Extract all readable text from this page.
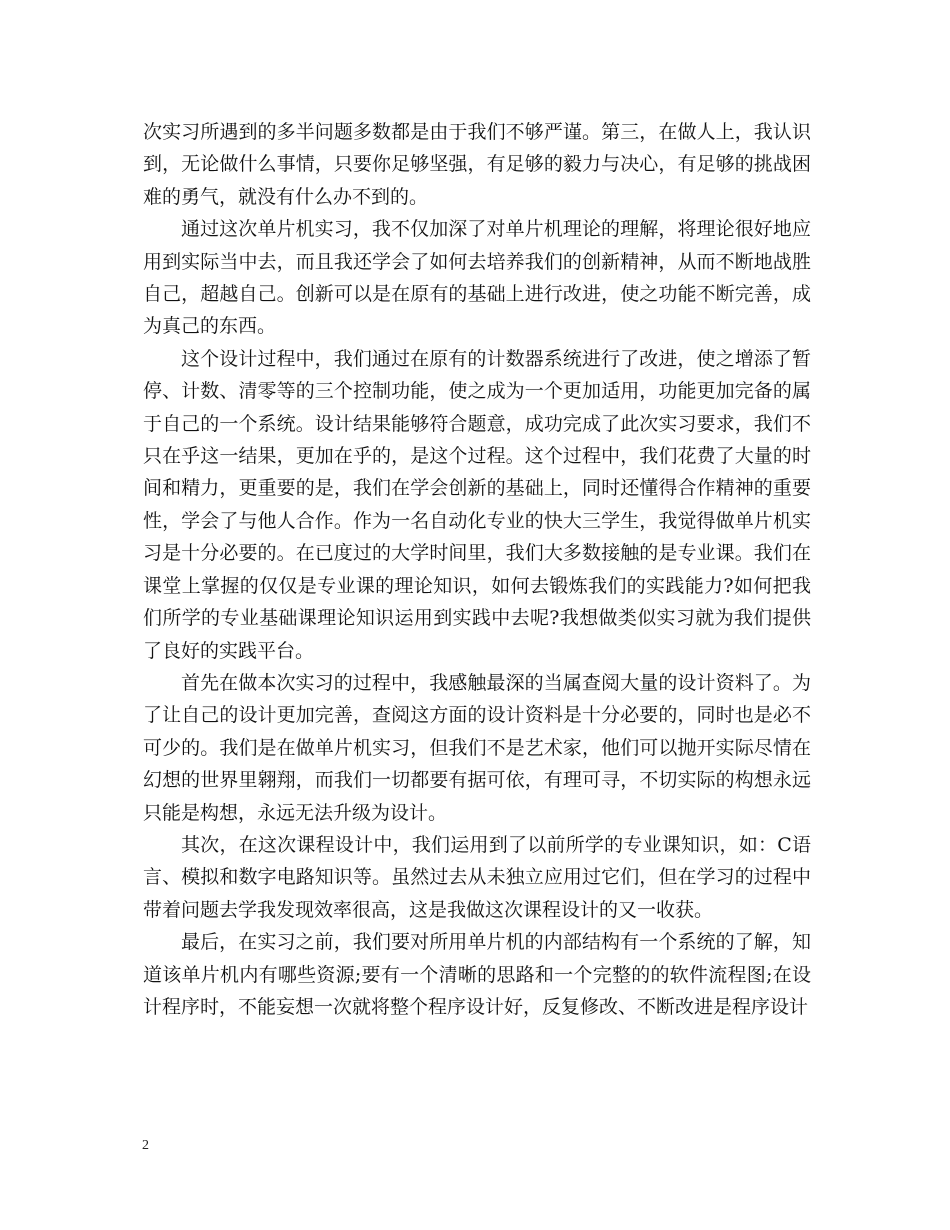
次实习所遇到的多半问题多数都是由于我们不够严谨。第三，在做人上，我认识到，无论做什么事情，只要你足够坚强，有足够的毅力与决心，有足够的挑战困难的勇气，就没有什么办不到的。

通过这次单片机实习，我不仅加深了对单片机理论的理解，将理论很好地应用到实际当中去，而且我还学会了如何去培养我们的创新精神，从而不断地战胜自己，超越自己。创新可以是在原有的基础上进行改进，使之功能不断完善，成为真己的东西。

这个设计过程中，我们通过在原有的计数器系统进行了改进，使之增添了暂停、计数、清零等的三个控制功能，使之成为一个更加适用，功能更加完备的属于自己的一个系统。设计结果能够符合题意，成功完成了此次实习要求，我们不只在乎这一结果，更加在乎的，是这个过程。这个过程中，我们花费了大量的时间和精力，更重要的是，我们在学会创新的基础上，同时还懂得合作精神的重要性，学会了与他人合作。作为一名自动化专业的快大三学生，我觉得做单片机实习是十分必要的。在已度过的大学时间里，我们大多数接触的是专业课。我们在课堂上掌握的仅仅是专业课的理论知识，如何去锻炼我们的实践能力?如何把我们所学的专业基础课理论知识运用到实践中去呢?我想做类似实习就为我们提供了良好的实践平台。

首先在做本次实习的过程中，我感触最深的当属查阅大量的设计资料了。为了让自己的设计更加完善，查阅这方面的设计资料是十分必要的，同时也是必不可少的。我们是在做单片机实习，但我们不是艺术家，他们可以抛开实际尽情在幻想的世界里翱翔，而我们一切都要有据可依，有理可寻，不切实际的构想永远只能是构想，永远无法升级为设计。

其次，在这次课程设计中，我们运用到了以前所学的专业课知识，如：C语言、模拟和数字电路知识等。虽然过去从未独立应用过它们，但在学习的过程中带着问题去学我发现效率很高，这是我做这次课程设计的又一收获。

最后，在实习之前，我们要对所用单片机的内部结构有一个系统的了解，知道该单片机内有哪些资源;要有一个清晰的思路和一个完整的的软件流程图;在设计程序时，不能妄想一次就将整个程序设计好，反复修改、不断改进是程序设计

2
